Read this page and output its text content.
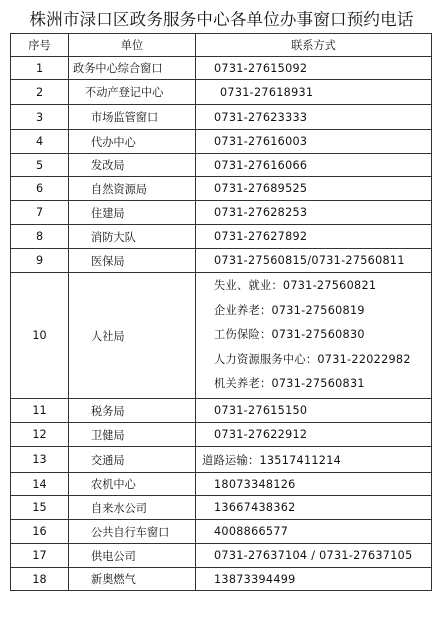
株洲市渌口区政务服务中心各单位办事窗口预约电话
序号	单位	联系方式
1	政务中心综合窗口	0731-27615092

2	不动产登记中心	0731-27618931

3	市场监管窗口	0731-27623333

4	代办中心	0731-27616003

5	发改局	0731-27616066

6	自然资源局	0731-27689525

7	住建局	0731-27628253

8	消防大队	0731-27627892

9	医保局	0731-27560815/0731-27560811

10	人社局	失业、就业：0731-27560821
企业养老：0731-27560819
工伤保险：0731-27560830
人力资源服务中心：0731-22022982
机关养老：0731-27560831

11	税务局	0731-27615150

12	卫健局	0731-27622912

13	交通局	道路运输：13517411214

14	农机中心	18073348126

15	自来水公司	13667438362

16	公共自行车窗口	4008866577

17	供电公司	0731-27637104 / 0731-27637105

18	新奥燃气	13873394499
